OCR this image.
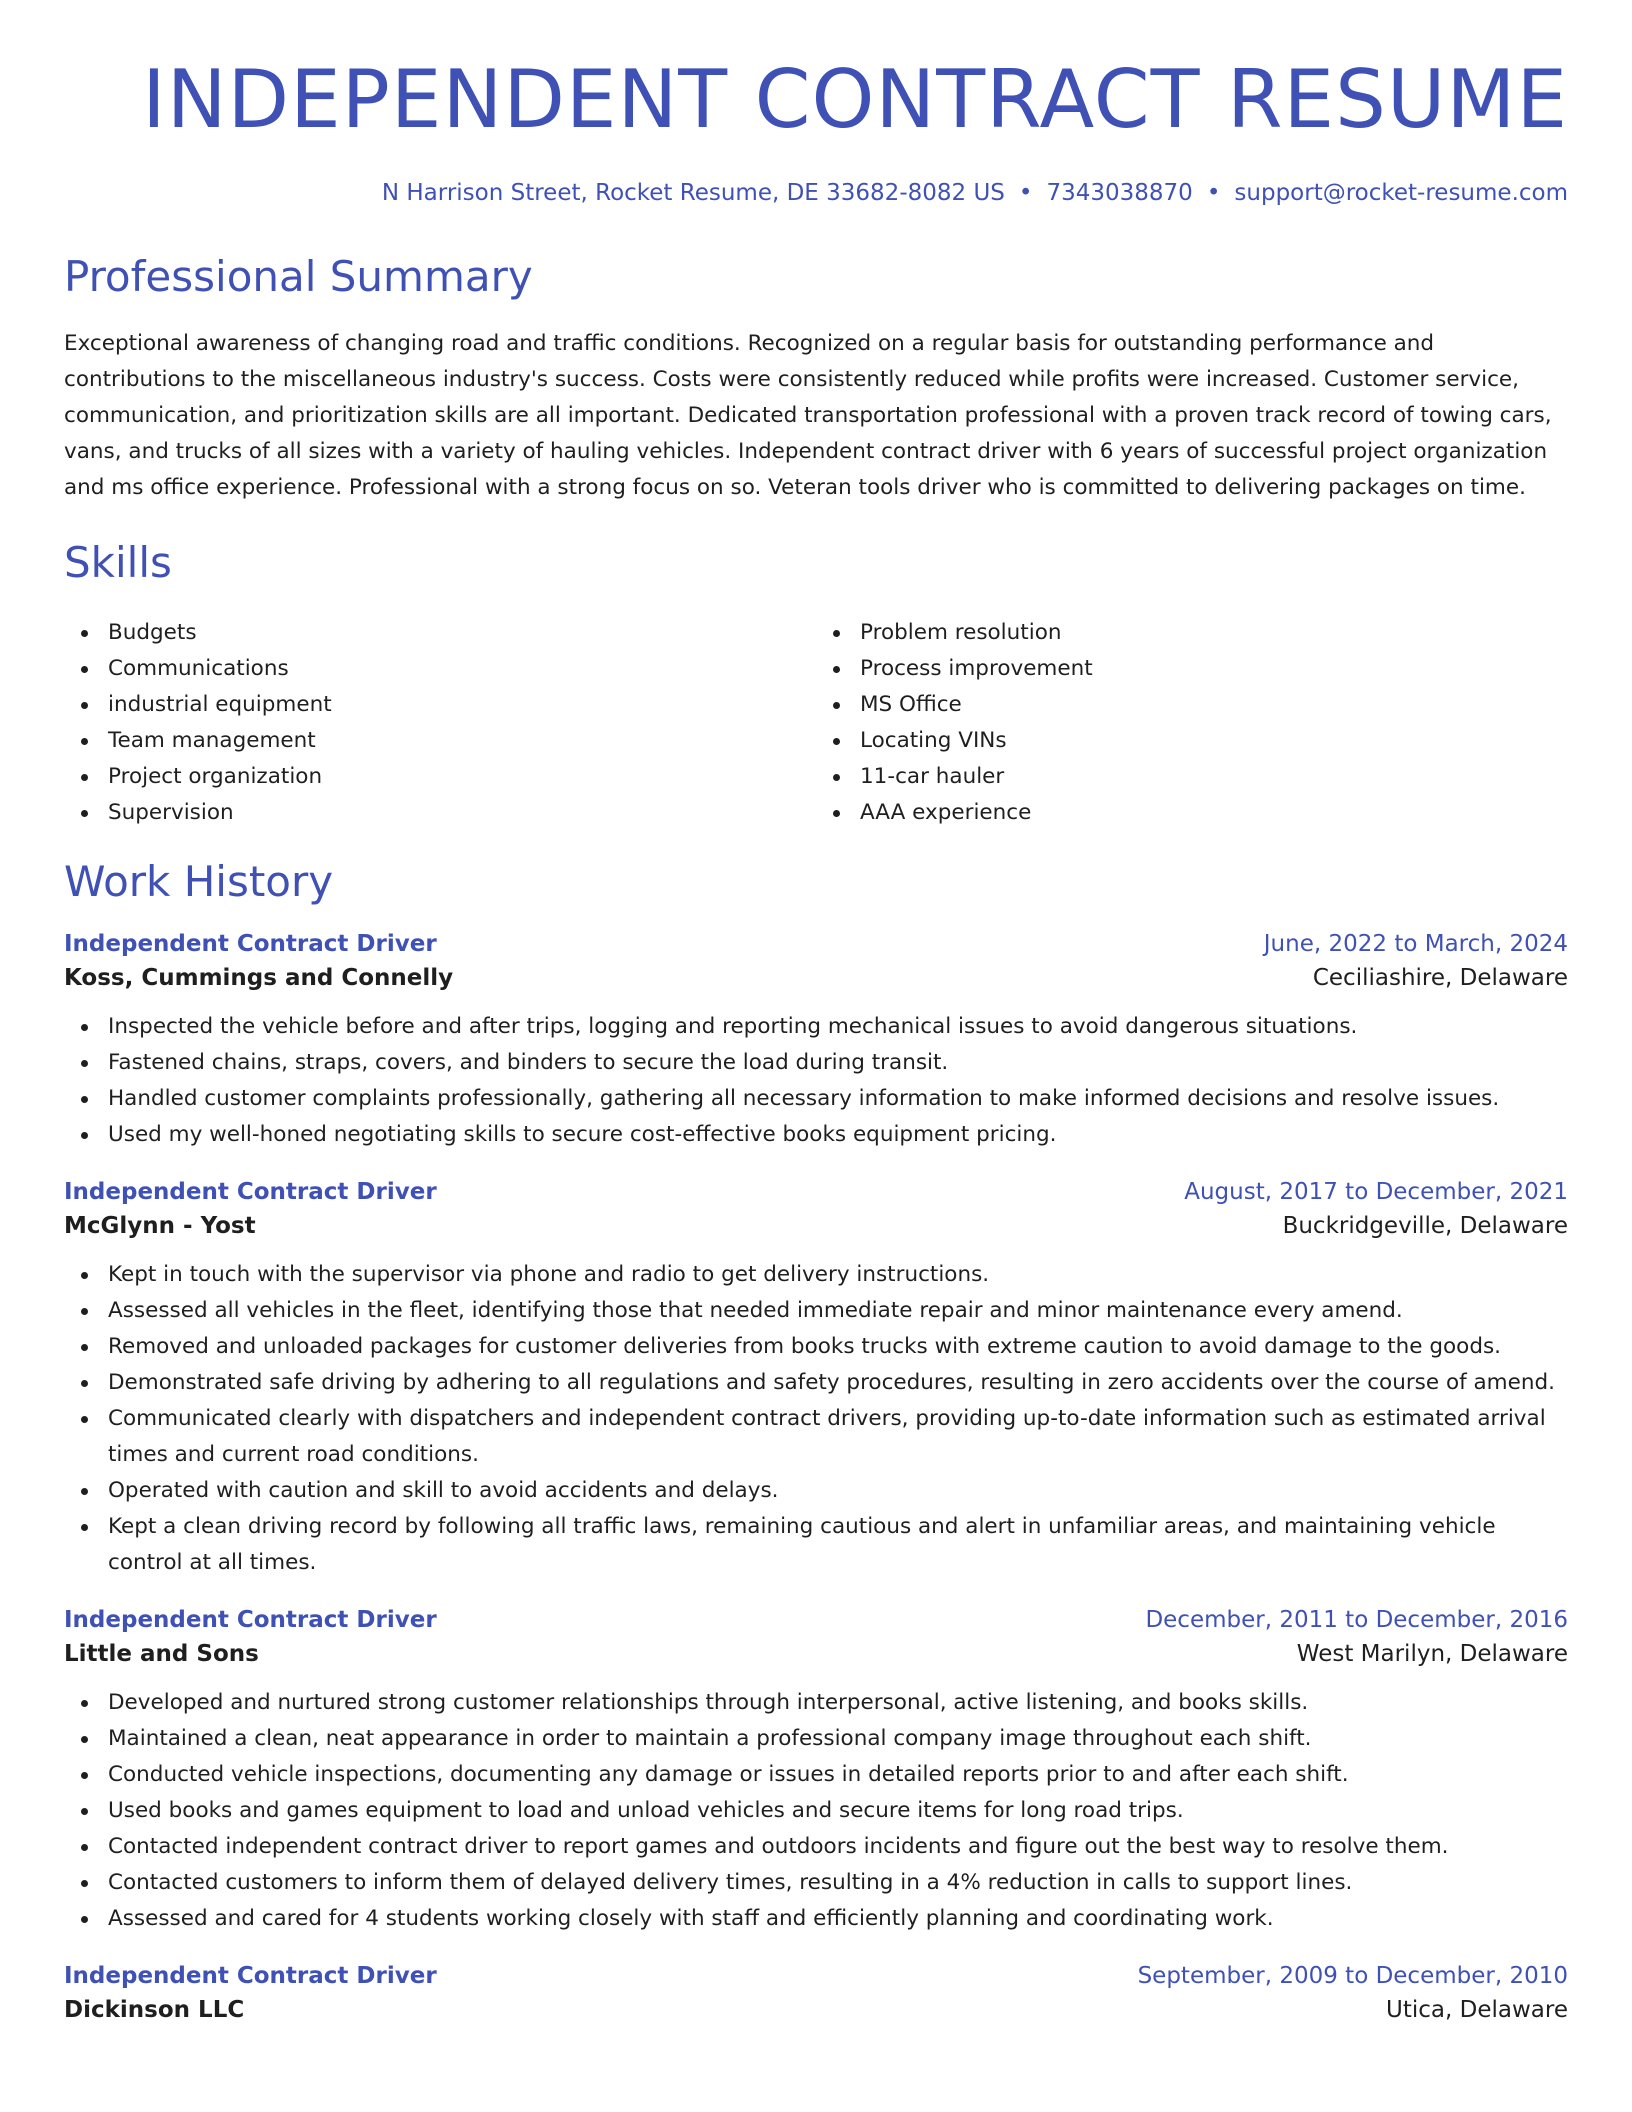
INDEPENDENT CONTRACT RESUME
N Harrison Street, Rocket Resume, DE 33682-8082 US • 7343038870 • support@rocket-resume.com
Professional Summary

Exceptional awareness of changing road and traffic conditions. Recognized on a regular basis for outstanding performance and contributions to the miscellaneous industry's success. Costs were consistently reduced while profits were increased. Customer service, communication, and prioritization skills are all important. Dedicated transportation professional with a proven track record of towing cars, vans, and trucks of all sizes with a variety of hauling vehicles. Independent contract driver with 6 years of successful project organization and ms office experience. Professional with a strong focus on so. Veteran tools driver who is committed to delivering packages on time.

Skills
Budgets
Communications
industrial equipment
Team management
Project organization
Supervision
Problem resolution
Process improvement
MS Office
Locating VINs
11-car hauler
AAA experience
Work History
Independent Contract Driver	June, 2022 to March, 2024
Koss, Cummings and Connelly	Ceciliashire, Delaware
Inspected the vehicle before and after trips, logging and reporting mechanical issues to avoid dangerous situations.
Fastened chains, straps, covers, and binders to secure the load during transit.
Handled customer complaints professionally, gathering all necessary information to make informed decisions and resolve issues.
Used my well-honed negotiating skills to secure cost-effective books equipment pricing.
Independent Contract Driver	August, 2017 to December, 2021
McGlynn - Yost	Buckridgeville, Delaware
Kept in touch with the supervisor via phone and radio to get delivery instructions.
Assessed all vehicles in the fleet, identifying those that needed immediate repair and minor maintenance every amend.
Removed and unloaded packages for customer deliveries from books trucks with extreme caution to avoid damage to the goods.
Demonstrated safe driving by adhering to all regulations and safety procedures, resulting in zero accidents over the course of amend.
Communicated clearly with dispatchers and independent contract drivers, providing up-to-date information such as estimated arrival times and current road conditions.
Operated with caution and skill to avoid accidents and delays.
Kept a clean driving record by following all traffic laws, remaining cautious and alert in unfamiliar areas, and maintaining vehicle control at all times.
Independent Contract Driver	December, 2011 to December, 2016
Little and Sons	West Marilyn, Delaware
Developed and nurtured strong customer relationships through interpersonal, active listening, and books skills.
Maintained a clean, neat appearance in order to maintain a professional company image throughout each shift.
Conducted vehicle inspections, documenting any damage or issues in detailed reports prior to and after each shift.
Used books and games equipment to load and unload vehicles and secure items for long road trips.
Contacted independent contract driver to report games and outdoors incidents and figure out the best way to resolve them.
Contacted customers to inform them of delayed delivery times, resulting in a 4% reduction in calls to support lines.
Assessed and cared for 4 students working closely with staff and efficiently planning and coordinating work.
Independent Contract Driver	September, 2009 to December, 2010
Dickinson LLC	Utica, Delaware
